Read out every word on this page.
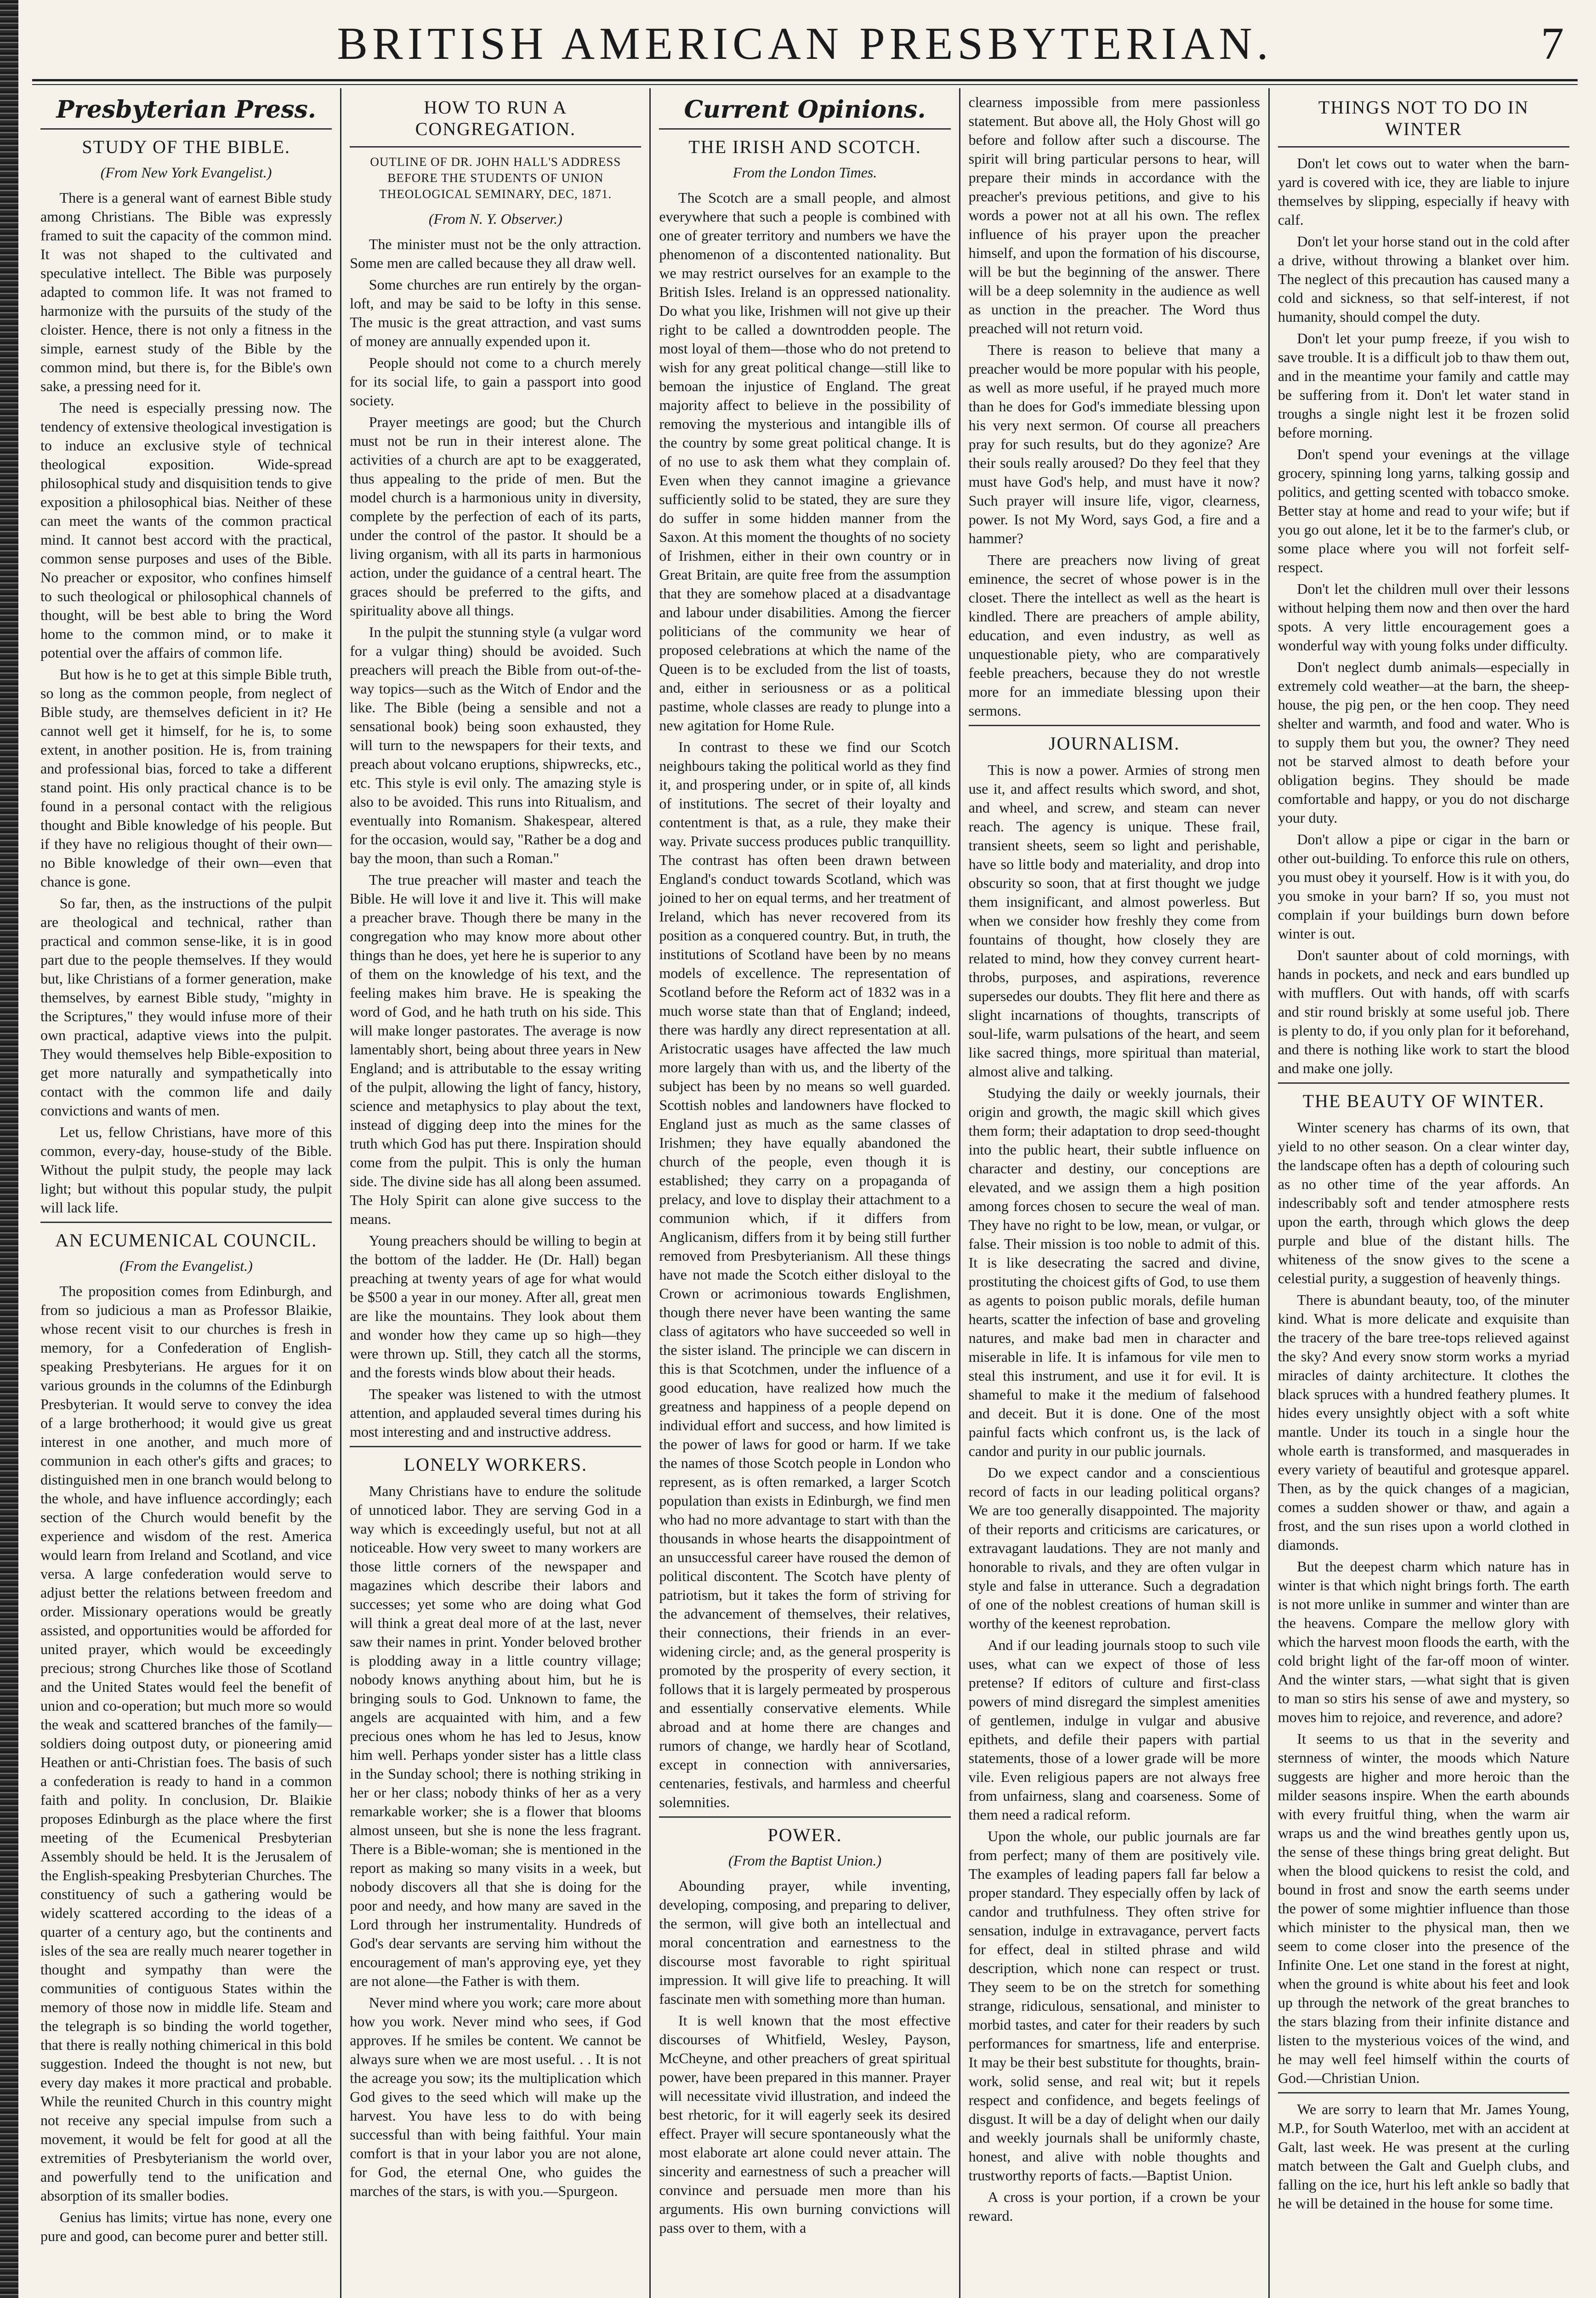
BRITISH AMERICAN PRESBYTERIAN.	7
Presbyterian Press.
STUDY OF THE BIBLE.
(From New York Evangelist.)

There is a general want of earnest Bible study among Christians. The Bible was expressly framed to suit the capacity of the common mind. It was not shaped to the cultivated and speculative intellect. The Bible was purposely adapted to common life. It was not framed to harmonize with the pursuits of the study of the cloister. Hence, there is not only a fitness in the simple, earnest study of the Bible by the common mind, but there is, for the Bible's own sake, a pressing need for it.

The need is especially pressing now. The tendency of extensive theological investigation is to induce an exclusive style of technical theological exposition. Wide-spread philosophical study and disquisition tends to give exposition a philosophical bias. Neither of these can meet the wants of the common practical mind. It cannot best accord with the practical, common sense purposes and uses of the Bible. No preacher or expositor, who confines himself to such theological or philosophical channels of thought, will be best able to bring the Word home to the common mind, or to make it potential over the affairs of common life.

But how is he to get at this simple Bible truth, so long as the common people, from neglect of Bible study, are themselves deficient in it? He cannot well get it himself, for he is, to some extent, in another position. He is, from training and professional bias, forced to take a different stand point. His only practical chance is to be found in a personal contact with the religious thought and Bible knowledge of his people. But if they have no religious thought of their own—no Bible knowledge of their own—even that chance is gone.

So far, then, as the instructions of the pulpit are theological and technical, rather than practical and common sense-like, it is in good part due to the people themselves. If they would but, like Christians of a former generation, make themselves, by earnest Bible study, "mighty in the Scriptures," they would infuse more of their own practical, adaptive views into the pulpit. They would themselves help Bible-exposition to get more naturally and sympathetically into contact with the common life and daily convictions and wants of men.

Let us, fellow Christians, have more of this common, every-day, house-study of the Bible. Without the pulpit study, the people may lack light; but without this popular study, the pulpit will lack life.

AN ECUMENICAL COUNCIL.
(From the Evangelist.)

The proposition comes from Edinburgh, and from so judicious a man as Professor Blaikie, whose recent visit to our churches is fresh in memory, for a Confederation of English-speaking Presbyterians. He argues for it on various grounds in the columns of the Edinburgh Presbyterian. It would serve to convey the idea of a large brotherhood; it would give us great interest in one another, and much more of communion in each other's gifts and graces; to distinguished men in one branch would belong to the whole, and have influence accordingly; each section of the Church would benefit by the experience and wisdom of the rest. America would learn from Ireland and Scotland, and vice versa. A large confederation would serve to adjust better the relations between freedom and order. Missionary operations would be greatly assisted, and opportunities would be afforded for united prayer, which would be exceedingly precious; strong Churches like those of Scotland and the United States would feel the benefit of union and co-operation; but much more so would the weak and scattered branches of the family—soldiers doing outpost duty, or pioneering amid Heathen or anti-Christian foes. The basis of such a confederation is ready to hand in a common faith and polity. In conclusion, Dr. Blaikie proposes Edinburgh as the place where the first meeting of the Ecumenical Presbyterian Assembly should be held. It is the Jerusalem of the English-speaking Presbyterian Churches. The constituency of such a gathering would be widely scattered according to the ideas of a quarter of a century ago, but the continents and isles of the sea are really much nearer together in thought and sympathy than were the communities of contiguous States within the memory of those now in middle life. Steam and the telegraph is so binding the world together, that there is really nothing chimerical in this bold suggestion. Indeed the thought is not new, but every day makes it more practical and probable. While the reunited Church in this country might not receive any special impulse from such a movement, it would be felt for good at all the extremities of Presbyterianism the world over, and powerfully tend to the unification and absorption of its smaller bodies.

Genius has limits; virtue has none, every one pure and good, can become purer and better still.

HOW TO RUN A CONGREGATION.
OUTLINE OF DR. JOHN HALL'S ADDRESS BEFORE THE STUDENTS OF UNION THEOLOGICAL SEMINARY, DEC, 1871.
(From N. Y. Observer.)

The minister must not be the only attraction. Some men are called because they all draw well.

Some churches are run entirely by the organ-loft, and may be said to be lofty in this sense. The music is the great attraction, and vast sums of money are annually expended upon it.

People should not come to a church merely for its social life, to gain a passport into good society.

Prayer meetings are good; but the Church must not be run in their interest alone. The activities of a church are apt to be exaggerated, thus appealing to the pride of men. But the model church is a harmonious unity in diversity, complete by the perfection of each of its parts, under the control of the pastor. It should be a living organism, with all its parts in harmonious action, under the guidance of a central heart. The graces should be preferred to the gifts, and spirituality above all things.

In the pulpit the stunning style (a vulgar word for a vulgar thing) should be avoided. Such preachers will preach the Bible from out-of-the-way topics—such as the Witch of Endor and the like. The Bible (being a sensible and not a sensational book) being soon exhausted, they will turn to the newspapers for their texts, and preach about volcano eruptions, shipwrecks, etc., etc. This style is evil only. The amazing style is also to be avoided. This runs into Ritualism, and eventually into Romanism. Shakespear, altered for the occasion, would say, "Rather be a dog and bay the moon, than such a Roman."

The true preacher will master and teach the Bible. He will love it and live it. This will make a preacher brave. Though there be many in the congregation who may know more about other things than he does, yet here he is superior to any of them on the knowledge of his text, and the feeling makes him brave. He is speaking the word of God, and he hath truth on his side. This will make longer pastorates. The average is now lamentably short, being about three years in New England; and is attributable to the essay writing of the pulpit, allowing the light of fancy, history, science and metaphysics to play about the text, instead of digging deep into the mines for the truth which God has put there. Inspiration should come from the pulpit. This is only the human side. The divine side has all along been assumed. The Holy Spirit can alone give success to the means.

Young preachers should be willing to begin at the bottom of the ladder. He (Dr. Hall) began preaching at twenty years of age for what would be $500 a year in our money. After all, great men are like the mountains. They look about them and wonder how they came up so high—they were thrown up. Still, they catch all the storms, and the forests winds blow about their heads.

The speaker was listened to with the utmost attention, and applauded several times during his most interesting and and instructive address.

LONELY WORKERS.

Many Christians have to endure the solitude of unnoticed labor. They are serving God in a way which is exceedingly useful, but not at all noticeable. How very sweet to many workers are those little corners of the newspaper and magazines which describe their labors and successes; yet some who are doing what God will think a great deal more of at the last, never saw their names in print. Yonder beloved brother is plodding away in a little country village; nobody knows anything about him, but he is bringing souls to God. Unknown to fame, the angels are acquainted with him, and a few precious ones whom he has led to Jesus, know him well. Perhaps yonder sister has a little class in the Sunday school; there is nothing striking in her or her class; nobody thinks of her as a very remarkable worker; she is a flower that blooms almost unseen, but she is none the less fragrant. There is a Bible-woman; she is mentioned in the report as making so many visits in a week, but nobody discovers all that she is doing for the poor and needy, and how many are saved in the Lord through her instrumentality. Hundreds of God's dear servants are serving him without the encouragement of man's approving eye, yet they are not alone—the Father is with them.

Never mind where you work; care more about how you work. Never mind who sees, if God approves. If he smiles be content. We cannot be always sure when we are most useful. . . It is not the acreage you sow; its the multiplication which God gives to the seed which will make up the harvest. You have less to do with being successful than with being faithful. Your main comfort is that in your labor you are not alone, for God, the eternal One, who guides the marches of the stars, is with you.—Spurgeon.

Current Opinions.
THE IRISH AND SCOTCH.
From the London Times.

The Scotch are a small people, and almost everywhere that such a people is combined with one of greater territory and numbers we have the phenomenon of a discontented nationality. But we may restrict ourselves for an example to the British Isles. Ireland is an oppressed nationality. Do what you like, Irishmen will not give up their right to be called a downtrodden people. The most loyal of them—those who do not pretend to wish for any great political change—still like to bemoan the injustice of England. The great majority affect to believe in the possibility of removing the mysterious and intangible ills of the country by some great political change. It is of no use to ask them what they complain of. Even when they cannot imagine a grievance sufficiently solid to be stated, they are sure they do suffer in some hidden manner from the Saxon. At this moment the thoughts of no society of Irishmen, either in their own country or in Great Britain, are quite free from the assumption that they are somehow placed at a disadvantage and labour under disabilities. Among the fiercer politicians of the community we hear of proposed celebrations at which the name of the Queen is to be excluded from the list of toasts, and, either in seriousness or as a political pastime, whole classes are ready to plunge into a new agitation for Home Rule.

In contrast to these we find our Scotch neighbours taking the political world as they find it, and prospering under, or in spite of, all kinds of institutions. The secret of their loyalty and contentment is that, as a rule, they make their way. Private success produces public tranquillity. The contrast has often been drawn between England's conduct towards Scotland, which was joined to her on equal terms, and her treatment of Ireland, which has never recovered from its position as a conquered country. But, in truth, the institutions of Scotland have been by no means models of excellence. The representation of Scotland before the Reform act of 1832 was in a much worse state than that of England; indeed, there was hardly any direct representation at all. Aristocratic usages have affected the law much more largely than with us, and the liberty of the subject has been by no means so well guarded. Scottish nobles and landowners have flocked to England just as much as the same classes of Irishmen; they have equally abandoned the church of the people, even though it is established; they carry on a propaganda of prelacy, and love to display their attachment to a communion which, if it differs from Anglicanism, differs from it by being still further removed from Presbyterianism. All these things have not made the Scotch either disloyal to the Crown or acrimonious towards Englishmen, though there never have been wanting the same class of agitators who have succeeded so well in the sister island. The principle we can discern in this is that Scotchmen, under the influence of a good education, have realized how much the greatness and happiness of a people depend on individual effort and success, and how limited is the power of laws for good or harm. If we take the names of those Scotch people in London who represent, as is often remarked, a larger Scotch population than exists in Edinburgh, we find men who had no more advantage to start with than the thousands in whose hearts the disappointment of an unsuccessful career have roused the demon of political discontent. The Scotch have plenty of patriotism, but it takes the form of striving for the advancement of themselves, their relatives, their connections, their friends in an ever-widening circle; and, as the general prosperity is promoted by the prosperity of every section, it follows that it is largely permeated by prosperous and essentially conservative elements. While abroad and at home there are changes and rumors of change, we hardly hear of Scotland, except in connection with anniversaries, centenaries, festivals, and harmless and cheerful solemnities.

POWER.
(From the Baptist Union.)

Abounding prayer, while inventing, developing, composing, and preparing to deliver, the sermon, will give both an intellectual and moral concentration and earnestness to the discourse most favorable to right spiritual impression. It will give life to preaching. It will fascinate men with something more than human.

It is well known that the most effective discourses of Whitfield, Wesley, Payson, McCheyne, and other preachers of great spiritual power, have been prepared in this manner. Prayer will necessitate vivid illustration, and indeed the best rhetoric, for it will eagerly seek its desired effect. Prayer will secure spontaneously what the most elaborate art alone could never attain. The sincerity and earnestness of such a preacher will convince and persuade men more than his arguments. His own burning convictions will pass over to them, with a

clearness impossible from mere passionless statement. But above all, the Holy Ghost will go before and follow after such a discourse. The spirit will bring particular persons to hear, will prepare their minds in accordance with the preacher's previous petitions, and give to his words a power not at all his own. The reflex influence of his prayer upon the preacher himself, and upon the formation of his discourse, will be but the beginning of the answer. There will be a deep solemnity in the audience as well as unction in the preacher. The Word thus preached will not return void.

There is reason to believe that many a preacher would be more popular with his people, as well as more useful, if he prayed much more than he does for God's immediate blessing upon his very next sermon. Of course all preachers pray for such results, but do they agonize? Are their souls really aroused? Do they feel that they must have God's help, and must have it now? Such prayer will insure life, vigor, clearness, power. Is not My Word, says God, a fire and a hammer?

There are preachers now living of great eminence, the secret of whose power is in the closet. There the intellect as well as the heart is kindled. There are preachers of ample ability, education, and even industry, as well as unquestionable piety, who are comparatively feeble preachers, because they do not wrestle more for an immediate blessing upon their sermons.

JOURNALISM.

This is now a power. Armies of strong men use it, and affect results which sword, and shot, and wheel, and screw, and steam can never reach. The agency is unique. These frail, transient sheets, seem so light and perishable, have so little body and materiality, and drop into obscurity so soon, that at first thought we judge them insignificant, and almost powerless. But when we consider how freshly they come from fountains of thought, how closely they are related to mind, how they convey current heart-throbs, purposes, and aspirations, reverence supersedes our doubts. They flit here and there as slight incarnations of thoughts, transcripts of soul-life, warm pulsations of the heart, and seem like sacred things, more spiritual than material, almost alive and talking.

Studying the daily or weekly journals, their origin and growth, the magic skill which gives them form; their adaptation to drop seed-thought into the public heart, their subtle influence on character and destiny, our conceptions are elevated, and we assign them a high position among forces chosen to secure the weal of man. They have no right to be low, mean, or vulgar, or false. Their mission is too noble to admit of this. It is like desecrating the sacred and divine, prostituting the choicest gifts of God, to use them as agents to poison public morals, defile human hearts, scatter the infection of base and groveling natures, and make bad men in character and miserable in life. It is infamous for vile men to steal this instrument, and use it for evil. It is shameful to make it the medium of falsehood and deceit. But it is done. One of the most painful facts which confront us, is the lack of candor and purity in our public journals.

Do we expect candor and a conscientious record of facts in our leading political organs? We are too generally disappointed. The majority of their reports and criticisms are caricatures, or extravagant laudations. They are not manly and honorable to rivals, and they are often vulgar in style and false in utterance. Such a degradation of one of the noblest creations of human skill is worthy of the keenest reprobation.

And if our leading journals stoop to such vile uses, what can we expect of those of less pretense? If editors of culture and first-class powers of mind disregard the simplest amenities of gentlemen, indulge in vulgar and abusive epithets, and defile their papers with partial statements, those of a lower grade will be more vile. Even religious papers are not always free from unfairness, slang and coarseness. Some of them need a radical reform.

Upon the whole, our public journals are far from perfect; many of them are positively vile. The examples of leading papers fall far below a proper standard. They especially offen by lack of candor and truthfulness. They often strive for sensation, indulge in extravagance, pervert facts for effect, deal in stilted phrase and wild description, which none can respect or trust. They seem to be on the stretch for something strange, ridiculous, sensational, and minister to morbid tastes, and cater for their readers by such performances for smartness, life and enterprise. It may be their best substitute for thoughts, brain-work, solid sense, and real wit; but it repels respect and confidence, and begets feelings of disgust. It will be a day of delight when our daily and weekly journals shall be uniformly chaste, honest, and alive with noble thoughts and trustworthy reports of facts.—Baptist Union.

A cross is your portion, if a crown be your reward.

THINGS NOT TO DO IN WINTER

Don't let cows out to water when the barn-yard is covered with ice, they are liable to injure themselves by slipping, especially if heavy with calf.

Don't let your horse stand out in the cold after a drive, without throwing a blanket over him. The neglect of this precaution has caused many a cold and sickness, so that self-interest, if not humanity, should compel the duty.

Don't let your pump freeze, if you wish to save trouble. It is a difficult job to thaw them out, and in the meantime your family and cattle may be suffering from it. Don't let water stand in troughs a single night lest it be frozen solid before morning.

Don't spend your evenings at the village grocery, spinning long yarns, talking gossip and politics, and getting scented with tobacco smoke. Better stay at home and read to your wife; but if you go out alone, let it be to the farmer's club, or some place where you will not forfeit self-respect.

Don't let the children mull over their lessons without helping them now and then over the hard spots. A very little encouragement goes a wonderful way with young folks under difficulty.

Don't neglect dumb animals—especially in extremely cold weather—at the barn, the sheep-house, the pig pen, or the hen coop. They need shelter and warmth, and food and water. Who is to supply them but you, the owner? They need not be starved almost to death before your obligation begins. They should be made comfortable and happy, or you do not discharge your duty.

Don't allow a pipe or cigar in the barn or other out-building. To enforce this rule on others, you must obey it yourself. How is it with you, do you smoke in your barn? If so, you must not complain if your buildings burn down before winter is out.

Don't saunter about of cold mornings, with hands in pockets, and neck and ears bundled up with mufflers. Out with hands, off with scarfs and stir round briskly at some useful job. There is plenty to do, if you only plan for it beforehand, and there is nothing like work to start the blood and make one jolly.

THE BEAUTY OF WINTER.

Winter scenery has charms of its own, that yield to no other season. On a clear winter day, the landscape often has a depth of colouring such as no other time of the year affords. An indescribably soft and tender atmosphere rests upon the earth, through which glows the deep purple and blue of the distant hills. The whiteness of the snow gives to the scene a celestial purity, a suggestion of heavenly things.

There is abundant beauty, too, of the minuter kind. What is more delicate and exquisite than the tracery of the bare tree-tops relieved against the sky? And every snow storm works a myriad miracles of dainty architecture. It clothes the black spruces with a hundred feathery plumes. It hides every unsightly object with a soft white mantle. Under its touch in a single hour the whole earth is transformed, and masquerades in every variety of beautiful and grotesque apparel. Then, as by the quick changes of a magician, comes a sudden shower or thaw, and again a frost, and the sun rises upon a world clothed in diamonds.

But the deepest charm which nature has in winter is that which night brings forth. The earth is not more unlike in summer and winter than are the heavens. Compare the mellow glory with which the harvest moon floods the earth, with the cold bright light of the far-off moon of winter. And the winter stars, —what sight that is given to man so stirs his sense of awe and mystery, so moves him to rejoice, and reverence, and adore?

It seems to us that in the severity and sternness of winter, the moods which Nature suggests are higher and more heroic than the milder seasons inspire. When the earth abounds with every fruitful thing, when the warm air wraps us and the wind breathes gently upon us, the sense of these things bring great delight. But when the blood quickens to resist the cold, and bound in frost and snow the earth seems under the power of some mightier influence than those which minister to the physical man, then we seem to come closer into the presence of the Infinite One. Let one stand in the forest at night, when the ground is white about his feet and look up through the network of the great branches to the stars blazing from their infinite distance and listen to the mysterious voices of the wind, and he may well feel himself within the courts of God.—Christian Union.

We are sorry to learn that Mr. James Young, M.P., for South Waterloo, met with an accident at Galt, last week. He was present at the curling match between the Galt and Guelph clubs, and falling on the ice, hurt his left ankle so badly that he will be detained in the house for some time.
